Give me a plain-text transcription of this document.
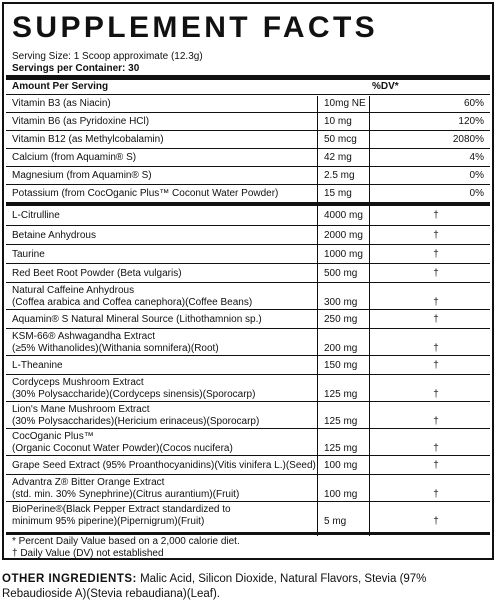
SUPPLEMENT FACTS
Serving Size: 1 Scoop approximate (12.3g)
Servings per Container: 30
Amount Per Serving	%DV*
Vitamin B3 (as Niacin)	10mg NE	60%
Vitamin B6 (as Pyridoxine HCl)	10 mg	120%
Vitamin B12 (as Methylcobalamin)	50 mcg	2080%
Calcium (from Aquamin® S)	42 mg	4%
Magnesium (from Aquamin® S)	2.5 mg	0%
Potassium (from CocOganic Plus™ Coconut Water Powder)	15 mg	0%
L-Citrulline	4000 mg	†
Betaine Anhydrous	2000 mg	†
Taurine	1000 mg	†
Red Beet Root Powder (Beta vulgaris)	500 mg	†
Natural Caffeine Anhydrous
(Coffea arabica and Coffea canephora)(Coffee Beans)	300 mg	†
Aquamin® S Natural Mineral Source (Lithothamnion sp.)	250 mg	†
KSM-66® Ashwagandha Extract
(≥5% Withanolides)(Withania somnifera)(Root)	200 mg	†
L-Theanine	150 mg	†
Cordyceps Mushroom Extract
(30% Polysaccharide)(Cordyceps sinensis)(Sporocarp)	125 mg	†
Lion's Mane Mushroom Extract
(30% Polysaccharides)(Hericium erinaceus)(Sporocarp)	125 mg	†
CocOganic Plus™
(Organic Coconut Water Powder)(Cocos nucifera)	125 mg	†
Grape Seed Extract (95% Proanthocyanidins)(Vitis vinifera L.)(Seed) 100 mg	†
Advantra Z® Bitter Orange Extract
(std. min. 30% Synephrine)(Citrus aurantium)(Fruit)	100 mg	†
BioPerine®(Black Pepper Extract standardized to
minimum 95% piperine)(Pipernigrum)(Fruit)	5 mg	†
* Percent Daily Value based on a 2,000 calorie diet.
† Daily Value (DV) not established
OTHER INGREDIENTS: Malic Acid, Silicon Dioxide, Natural Flavors, Stevia (97% Rebaudioside A)(Stevia rebaudiana)(Leaf).
